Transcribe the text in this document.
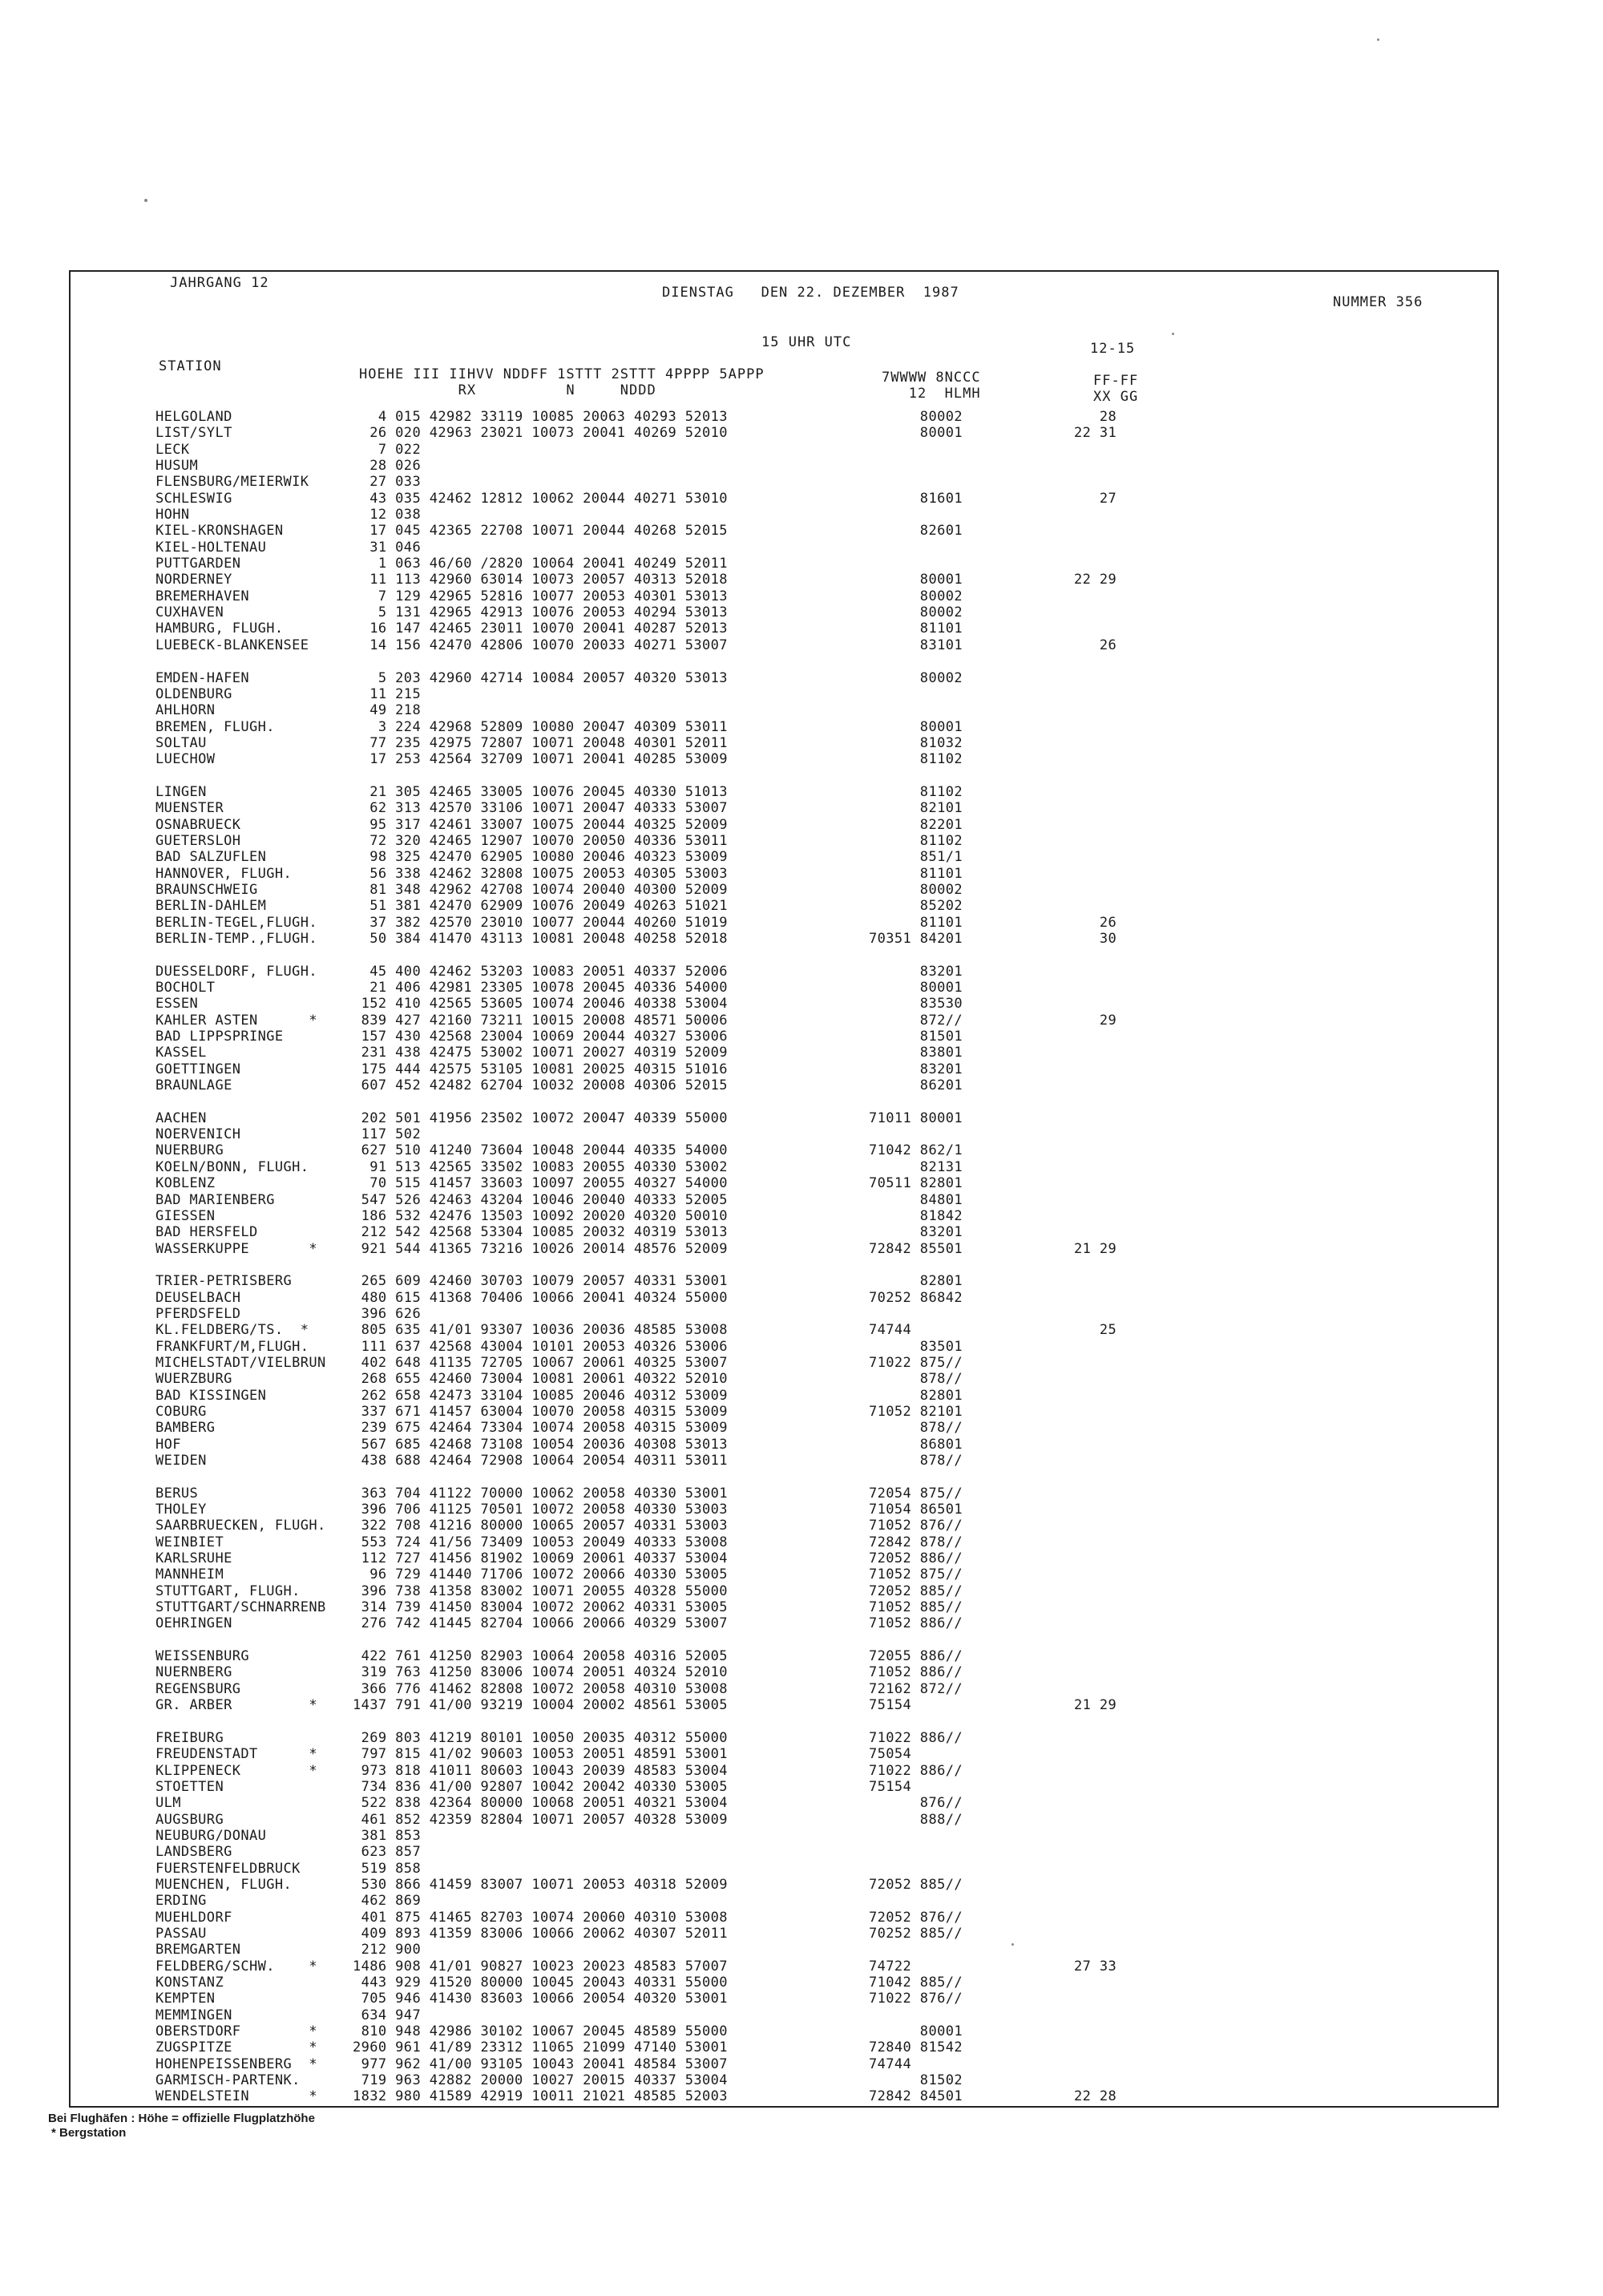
JAHRGANG 12
DIENSTAG   DEN 22. DEZEMBER  1987
NUMMER 356
15 UHR UTC	12-15
STATION	HOEHE III IIHVV NDDFF 1STTT 2STTT 4PPPP 5APPP
RX          N     NDDD
7WWWW 8NCCC
12  HLMH
FF-FF
XX GG
HELGOLAND
LIST/SYLT
LECK
HUSUM
FLENSBURG/MEIERWIK
SCHLESWIG
HOHN
KIEL-KRONSHAGEN
KIEL-HOLTENAU
PUTTGARDEN
NORDERNEY
BREMERHAVEN
CUXHAVEN
HAMBURG, FLUGH.
LUEBECK-BLANKENSEE
EMDEN-HAFEN
OLDENBURG
AHLHORN
BREMEN, FLUGH.
SOLTAU
LUECHOW
LINGEN
MUENSTER
OSNABRUECK
GUETERSLOH
BAD SALZUFLEN
HANNOVER, FLUGH.
BRAUNSCHWEIG
BERLIN-DAHLEM
BERLIN-TEGEL,FLUGH.
BERLIN-TEMP.,FLUGH.
DUESSELDORF, FLUGH.
BOCHOLT
ESSEN
KAHLER ASTEN      *
BAD LIPPSPRINGE
KASSEL
GOETTINGEN
BRAUNLAGE
AACHEN
NOERVENICH
NUERBURG
KOELN/BONN, FLUGH.
KOBLENZ
BAD MARIENBERG
GIESSEN
BAD HERSFELD
WASSERKUPPE       *
TRIER-PETRISBERG
DEUSELBACH
PFERDSFELD
KL.FELDBERG/TS.  *
FRANKFURT/M,FLUGH.
MICHELSTADT/VIELBRUN
WUERZBURG
BAD KISSINGEN
COBURG
BAMBERG
HOF
WEIDEN
BERUS
THOLEY
SAARBRUECKEN, FLUGH.
WEINBIET
KARLSRUHE
MANNHEIM
STUTTGART, FLUGH.
STUTTGART/SCHNARRENB
OEHRINGEN
WEISSENBURG
NUERNBERG
REGENSBURG
GR. ARBER         *
FREIBURG
FREUDENSTADT      *
KLIPPENECK        *
STOETTEN
ULM
AUGSBURG
NEUBURG/DONAU
LANDSBERG
FUERSTENFELDBRUCK
MUENCHEN, FLUGH.
ERDING
MUEHLDORF
PASSAU
BREMGARTEN
FELDBERG/SCHW.    *
KONSTANZ
KEMPTEN
MEMMINGEN
OBERSTDORF        *
ZUGSPITZE         *
HOHENPEISSENBERG  *
GARMISCH-PARTENK.
WENDELSTEIN       *
4 015 42982 33119 10085 20063 40293 52013
26 020 42963 23021 10073 20041 40269 52010
7 022
28 026
27 033
43 035 42462 12812 10062 20044 40271 53010
12 038
17 045 42365 22708 10071 20044 40268 52015
31 046
1 063 46/60 /2820 10064 20041 40249 52011
11 113 42960 63014 10073 20057 40313 52018
7 129 42965 52816 10077 20053 40301 53013
5 131 42965 42913 10076 20053 40294 53013
16 147 42465 23011 10070 20041 40287 52013
14 156 42470 42806 10070 20033 40271 53007
5 203 42960 42714 10084 20057 40320 53013
11 215
49 218
3 224 42968 52809 10080 20047 40309 53011
77 235 42975 72807 10071 20048 40301 52011
17 253 42564 32709 10071 20041 40285 53009
21 305 42465 33005 10076 20045 40330 51013
62 313 42570 33106 10071 20047 40333 53007
95 317 42461 33007 10075 20044 40325 52009
72 320 42465 12907 10070 20050 40336 53011
98 325 42470 62905 10080 20046 40323 53009
56 338 42462 32808 10075 20053 40305 53003
81 348 42962 42708 10074 20040 40300 52009
51 381 42470 62909 10076 20049 40263 51021
37 382 42570 23010 10077 20044 40260 51019
50 384 41470 43113 10081 20048 40258 52018
45 400 42462 53203 10083 20051 40337 52006
21 406 42981 23305 10078 20045 40336 54000
152 410 42565 53605 10074 20046 40338 53004
839 427 42160 73211 10015 20008 48571 50006
157 430 42568 23004 10069 20044 40327 53006
231 438 42475 53002 10071 20027 40319 52009
175 444 42575 53105 10081 20025 40315 51016
607 452 42482 62704 10032 20008 40306 52015
202 501 41956 23502 10072 20047 40339 55000
117 502
627 510 41240 73604 10048 20044 40335 54000
91 513 42565 33502 10083 20055 40330 53002
70 515 41457 33603 10097 20055 40327 54000
547 526 42463 43204 10046 20040 40333 52005
186 532 42476 13503 10092 20020 40320 50010
212 542 42568 53304 10085 20032 40319 53013
921 544 41365 73216 10026 20014 48576 52009
265 609 42460 30703 10079 20057 40331 53001
480 615 41368 70406 10066 20041 40324 55000
396 626
805 635 41/01 93307 10036 20036 48585 53008
111 637 42568 43004 10101 20053 40326 53006
402 648 41135 72705 10067 20061 40325 53007
268 655 42460 73004 10081 20061 40322 52010
262 658 42473 33104 10085 20046 40312 53009
337 671 41457 63004 10070 20058 40315 53009
239 675 42464 73304 10074 20058 40315 53009
567 685 42468 73108 10054 20036 40308 53013
438 688 42464 72908 10064 20054 40311 53011
363 704 41122 70000 10062 20058 40330 53001
396 706 41125 70501 10072 20058 40330 53003
322 708 41216 80000 10065 20057 40331 53003
553 724 41/56 73409 10053 20049 40333 53008
112 727 41456 81902 10069 20061 40337 53004
96 729 41440 71706 10072 20066 40330 53005
396 738 41358 83002 10071 20055 40328 55000
314 739 41450 83004 10072 20062 40331 53005
276 742 41445 82704 10066 20066 40329 53007
422 761 41250 82903 10064 20058 40316 52005
319 763 41250 83006 10074 20051 40324 52010
366 776 41462 82808 10072 20058 40310 53008
1437 791 41/00 93219 10004 20002 48561 53005
269 803 41219 80101 10050 20035 40312 55000
797 815 41/02 90603 10053 20051 48591 53001
973 818 41011 80603 10043 20039 48583 53004
734 836 41/00 92807 10042 20042 40330 53005
522 838 42364 80000 10068 20051 40321 53004
461 852 42359 82804 10071 20057 40328 53009
381 853
623 857
519 858
530 866 41459 83007 10071 20053 40318 52009
462 869
401 875 41465 82703 10074 20060 40310 53008
409 893 41359 83006 10066 20062 40307 52011
212 900
1486 908 41/01 90827 10023 20023 48583 57007
443 929 41520 80000 10045 20043 40331 55000
705 946 41430 83603 10066 20054 40320 53001
634 947
810 948 42986 30102 10067 20045 48589 55000
2960 961 41/89 23312 11065 21099 47140 53001
977 962 41/00 93105 10043 20041 48584 53007
719 963 42882 20000 10027 20015 40337 53004
1832 980 41589 42919 10011 21021 48585 52003
80002
80001
81601
82601
80001
80002
80002
81101
83101
80002
80001
81032
81102
81102
82101
82201
81102
851/1
81101
80002
85202
81101
70351 84201
83201
80001
83530
872//
81501
83801
83201
86201
71011 80001
71042 862/1
82131
70511 82801
84801
81842
83201
72842 85501
82801
70252 86842
74744
83501
71022 875//
878//
82801
71052 82101
878//
86801
878//
72054 875//
71054 86501
71052 876//
72842 878//
72052 886//
71052 875//
72052 885//
71052 885//
71052 886//
72055 886//
71052 886//
72162 872//
75154
71022 886//
75054
71022 886//
75154
876//
888//
72052 885//
72052 876//
70252 885//
74722
71042 885//
71022 876//
80001
72840 81542
74744
81502
72842 84501
28
22 31
27
22 29
26
26
30
29
21 29
25
21 29
27 33
22 28
Bei Flughäfen : Höhe = offizielle Flugplatzhöhe
* Bergstation
